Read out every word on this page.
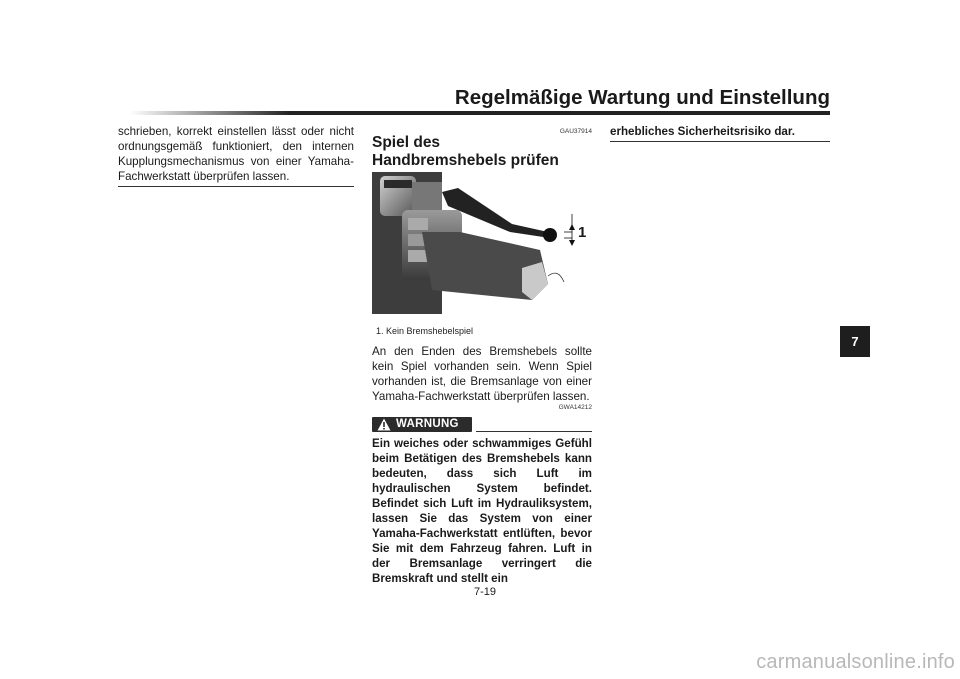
Regelmäßige Wartung und Einstellung
schrieben, korrekt einstellen lässt oder nicht ordnungsgemäß funktioniert, den internen Kupplungsmechanismus von einer Yamaha-Fachwerkstatt überprüfen lassen.
GAU37914
Spiel des Handbremshebels prüfen
1
1. Kein Bremshebelspiel
An den Enden des Bremshebels sollte kein Spiel vorhanden sein. Wenn Spiel vorhanden ist, die Bremsanlage von einer Yamaha-Fachwerkstatt überprüfen lassen.
GWA14212
WARNUNG
Ein weiches oder schwammiges Gefühl beim Betätigen des Bremshebels kann bedeuten, dass sich Luft im hydraulischen System befindet. Befindet sich Luft im Hydrauliksystem, lassen Sie das System von einer Yamaha-Fachwerkstatt entlüften, bevor Sie mit dem Fahrzeug fahren. Luft in der Bremsanlage verringert die Bremskraft und stellt ein
erhebliches Sicherheitsrisiko dar.
7
7-19
carmanualsonline.info
